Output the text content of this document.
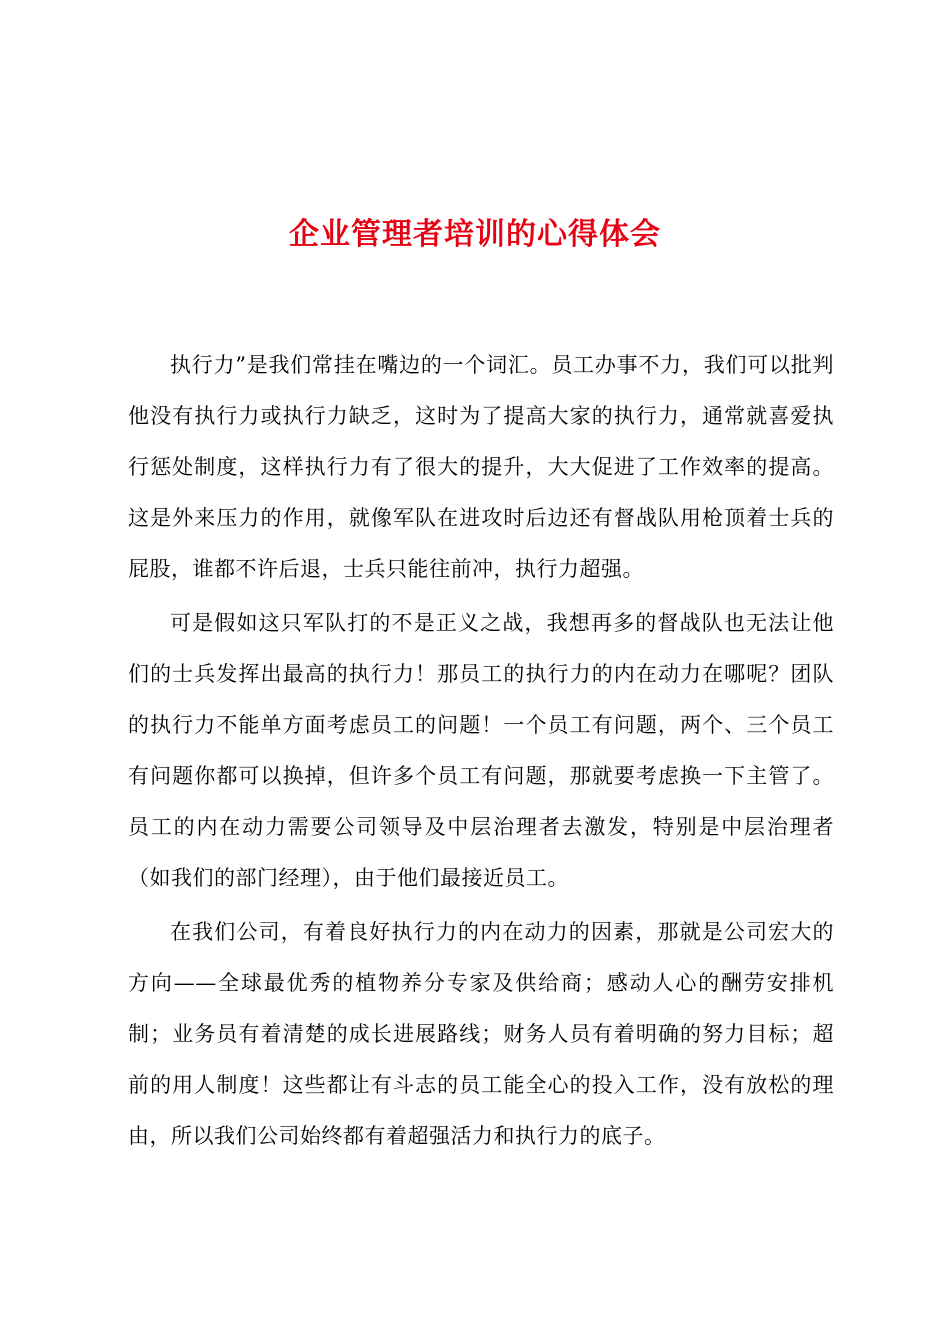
企业管理者培训的心得体会

执行力”是我们常挂在嘴边的一个词汇。员工办事不力，我们可以批判他没有执行力或执行力缺乏，这时为了提高大家的执行力，通常就喜爱执行惩处制度，这样执行力有了很大的提升，大大促进了工作效率的提高。这是外来压力的作用，就像军队在进攻时后边还有督战队用枪顶着士兵的屁股，谁都不许后退，士兵只能往前冲，执行力超强。

可是假如这只军队打的不是正义之战，我想再多的督战队也无法让他们的士兵发挥出最高的执行力！那员工的执行力的内在动力在哪呢？团队的执行力不能单方面考虑员工的问题！一个员工有问题，两个、三个员工有问题你都可以换掉，但许多个员工有问题，那就要考虑换一下主管了。员工的内在动力需要公司领导及中层治理者去激发，特别是中层治理者（如我们的部门经理），由于他们最接近员工。

在我们公司，有着良好执行力的内在动力的因素，那就是公司宏大的方向——全球最优秀的植物养分专家及供给商；感动人心的酬劳安排机制；业务员有着清楚的成长进展路线；财务人员有着明确的努力目标；超前的用人制度！这些都让有斗志的员工能全心的投入工作，没有放松的理由，所以我们公司始终都有着超强活力和执行力的底子。
